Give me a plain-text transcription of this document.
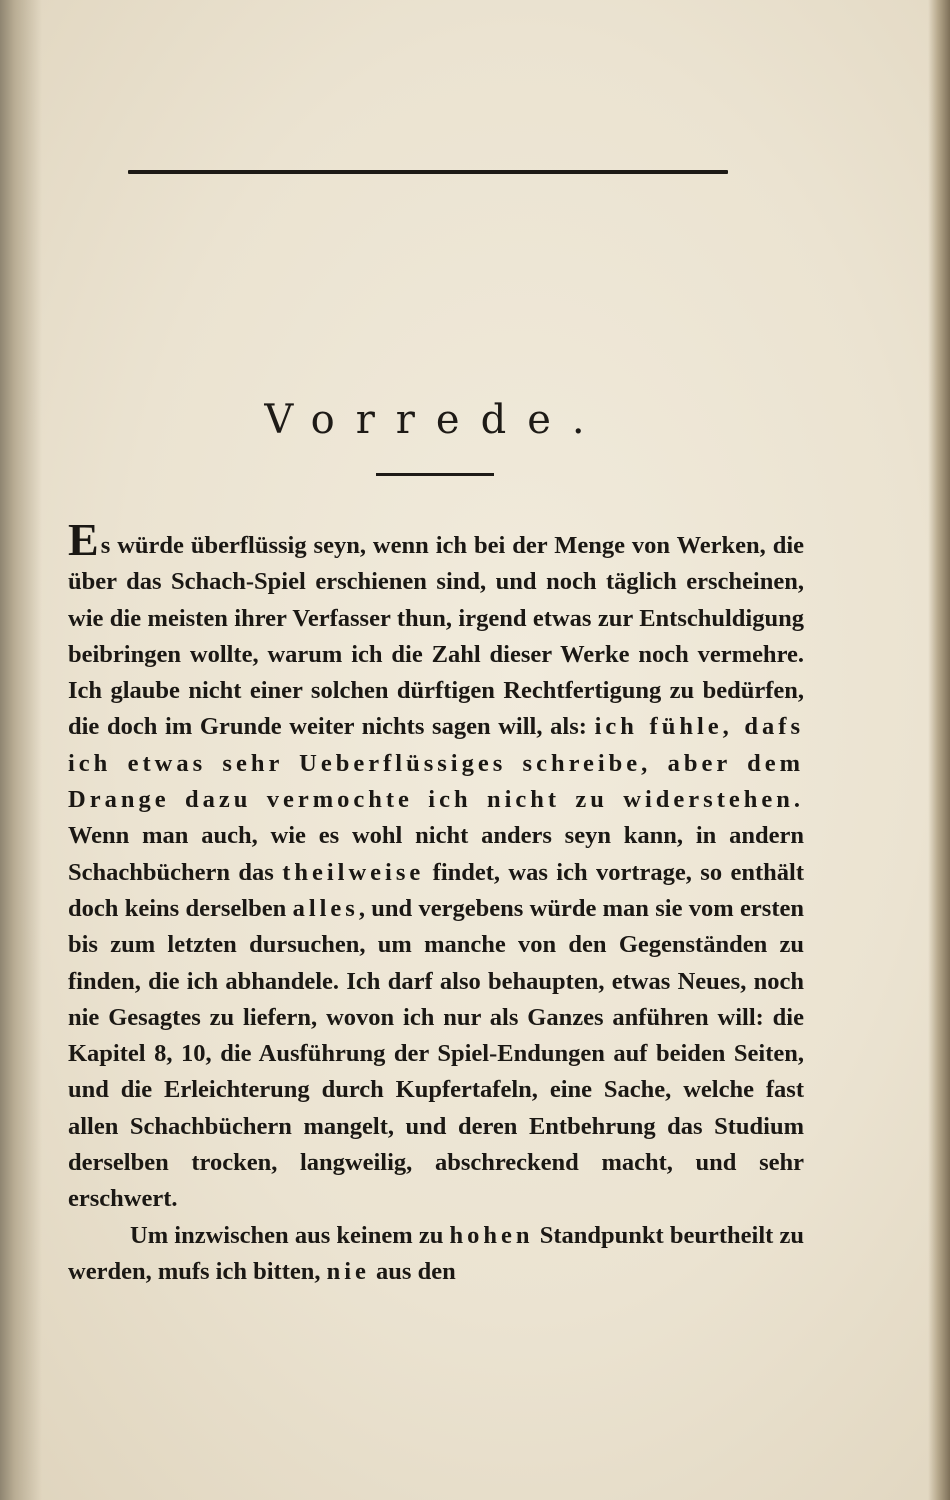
Vorrede.

Es würde überflüssig seyn, wenn ich bei der Menge von Werken, die über das Schach-Spiel erschienen sind, und noch täglich erscheinen, wie die meisten ihrer Verfasser thun, irgend etwas zur Entschuldigung beibringen wollte, warum ich die Zahl dieser Werke noch vermehre. Ich glaube nicht einer solchen dürftigen Rechtfertigung zu bedürfen, die doch im Grunde weiter nichts sagen will, als: ich fühle, dafs ich etwas sehr Ueberflüssiges schreibe, aber dem Drange dazu vermochte ich nicht zu widerstehen. Wenn man auch, wie es wohl nicht anders seyn kann, in andern Schachbüchern das theilweise findet, was ich vortrage, so enthält doch keins derselben alles, und vergebens würde man sie vom ersten bis zum letzten dursuchen, um manche von den Gegenständen zu finden, die ich abhandele. Ich darf also behaupten, etwas Neues, noch nie Gesagtes zu liefern, wovon ich nur als Ganzes anführen will: die Kapitel 8, 10, die Ausführung der Spiel-Endungen auf beiden Seiten, und die Erleichterung durch Kupfertafeln, eine Sache, welche fast allen Schachbüchern mangelt, und deren Entbehrung das Studium derselben trocken, langweilig, abschreckend macht, und sehr erschwert.

Um inzwischen aus keinem zu hohen Standpunkt beurtheilt zu werden, mufs ich bitten, nie aus den
